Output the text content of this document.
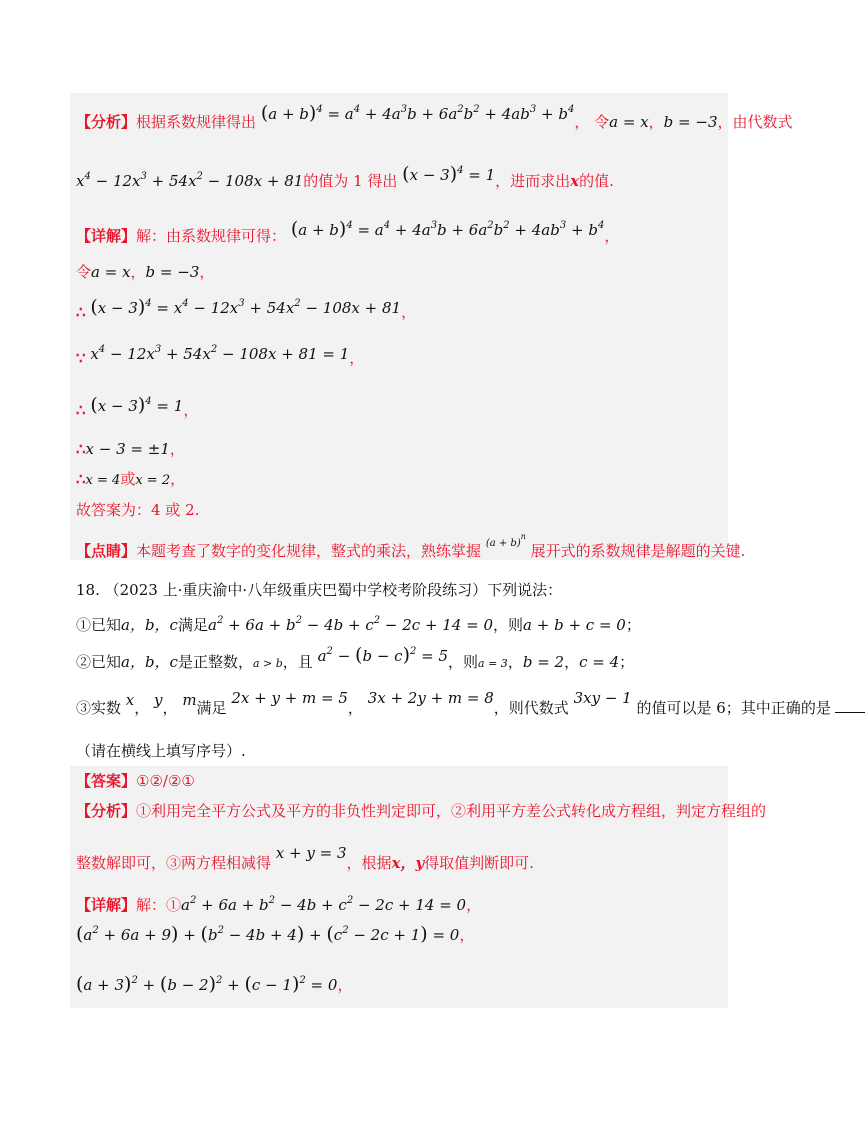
【分析】根据系数规律得出 $(a + b)^4 = a^4 + 4a^3b + 6a^2b^2 + 4ab^3 + b^4$， 令a = x，b = −3，由代数式
$x^4 - 12x^3 + 54x^2 - 108x + 81$的值为 1 得出 $(x - 3)^4 = 1$，进而求出x的值.
【详解】解：由系数规律可得： $(a + b)^4 = a^4 + 4a^3b + 6a^2b^2 + 4ab^3 + b^4$，
令a = x，b = −3，
∴ $(x - 3)^4 = x^4 - 12x^3 + 54x^2 - 108x + 81$，
∵ $x^4 - 12x^3 + 54x^2 - 108x + 81 = 1$，
∴ $(x - 3)^4 = 1$，
∴x − 3 = ±1，
∴x = 4或x = 2，
故答案为：4 或 2.
【点睛】本题考查了数字的变化规律，整式的乘法，熟练掌握 $^{(a + b)^n}$ 展开式的系数规律是解题的关键.
18. （2023 上·重庆渝中·八年级重庆巴蜀中学校考阶段练习）下列说法：
①已知a，b，c满足$a^2 + 6a + b^2 - 4b + c^2 - 2c + 14 = 0$，则a + b + c = 0；
②已知a，b，c是正整数，a > b，且 $a^2 - (b - c)^2 = 5$，则a = 3，b = 2，c = 4；
③实数 x， y， m满足 2x + y + m = 5， 3x + 2y + m = 8，则代数式 3xy − 1 的值可以是 6；其中正确的是
（请在横线上填写序号）.
【答案】①②/②①
【分析】①利用完全平方公式及平方的非负性判定即可，②利用平方差公式转化成方程组，判定方程组的
整数解即可，③两方程相减得 x + y = 3，根据x，y得取值判断即可.
【详解】解：$①a^2 + 6a + b^2 - 4b + c^2 - 2c + 14 = 0$，
$(a^2 + 6a + 9) + (b^2 - 4b + 4) + (c^2 - 2c + 1) = 0$，
$(a + 3)^2 + (b - 2)^2 + (c - 1)^2 = 0$，
